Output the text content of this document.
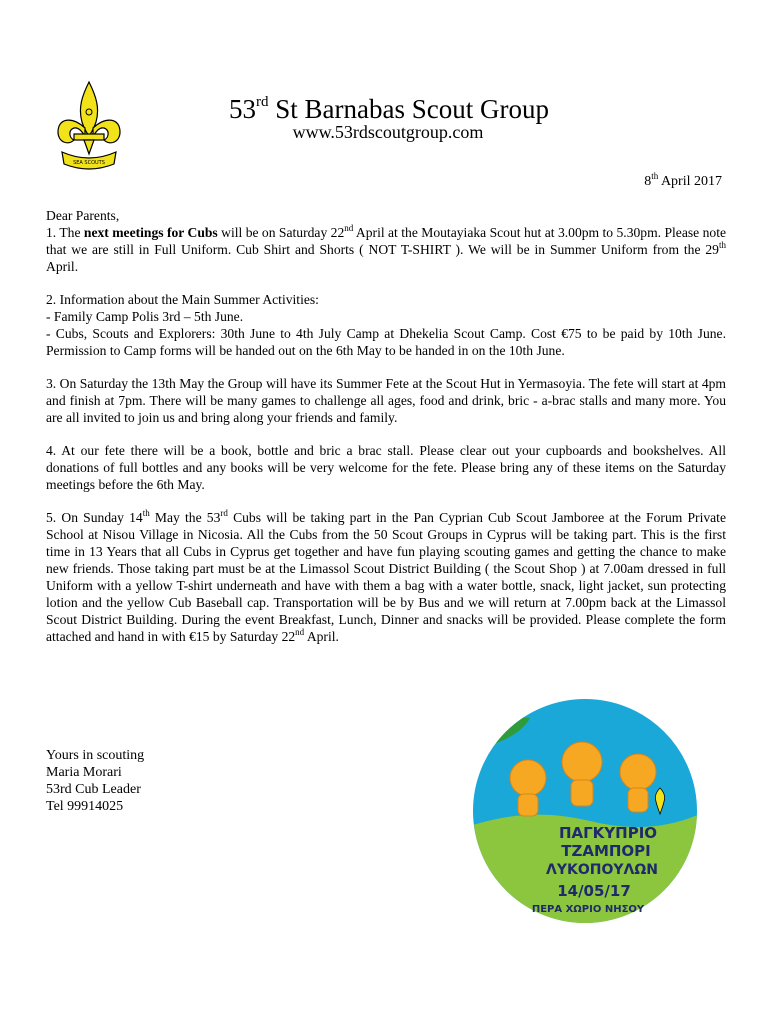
SEA SCOUTS
53rd St Barnabas Scout Group
www.53rdscoutgroup.com
8th April 2017

Dear Parents,

1. The next meetings for Cubs will be on Saturday 22nd April at the Moutayiaka Scout hut at 3.00pm to 5.30pm. Please note that we are still in Full Uniform. Cub Shirt and Shorts ( NOT T-SHIRT ). We will be in Summer Uniform from the 29th April.

2. Information about the Main Summer Activities:
- Family Camp Polis 3rd – 5th June.
- Cubs, Scouts and Explorers: 30th June to 4th July Camp at Dhekelia Scout Camp. Cost €75 to be paid by 10th June. Permission to Camp forms will be handed out on the 6th May to be handed in on the 10th June.

3. On Saturday the 13th May the Group will have its Summer Fete at the Scout Hut in Yermasoyia. The fete will start at 4pm and finish at 7pm. There will be many games to challenge all ages, food and drink, bric - a-brac stalls and many more. You are all invited to join us and bring along your friends and family.

4. At our fete there will be a book, bottle and bric a brac stall. Please clear out your cupboards and bookshelves. All donations of full bottles and any books will be very welcome for the fete. Please bring any of these items on the Saturday meetings before the 6th May.

5. On Sunday 14th May the 53rd Cubs will be taking part in the Pan Cyprian Cub Scout Jamboree at the Forum Private School at Nisou Village in Nicosia. All the Cubs from the 50 Scout Groups in Cyprus will be taking part. This is the first time in 13 Years that all Cubs in Cyprus get together and have fun playing scouting games and getting the chance to make new friends. Those taking part must be at the Limassol Scout District Building ( the Scout Shop ) at 7.00am dressed in full Uniform with a yellow T-shirt underneath and have with them a bag with a water bottle, snack, light jacket, sun protecting lotion and the yellow Cub Baseball cap. Transportation will be by Bus and we will return at 7.00pm back at the Limassol Scout District Building. During the event Breakfast, Lunch, Dinner and snacks will be provided. Please complete the form attached and hand in with €15 by Saturday 22nd April.

Yours in scouting
Maria Morari
53rd Cub Leader
Tel 99914025
ΠΑΓΚΥΠΡΙΟ
ΤΖΑΜΠΟΡΙ
ΛΥΚΟΠΟΥΛΩΝ
14/05/17
ΠΕΡΑ ΧΩΡΙΟ ΝΗΣΟΥ
